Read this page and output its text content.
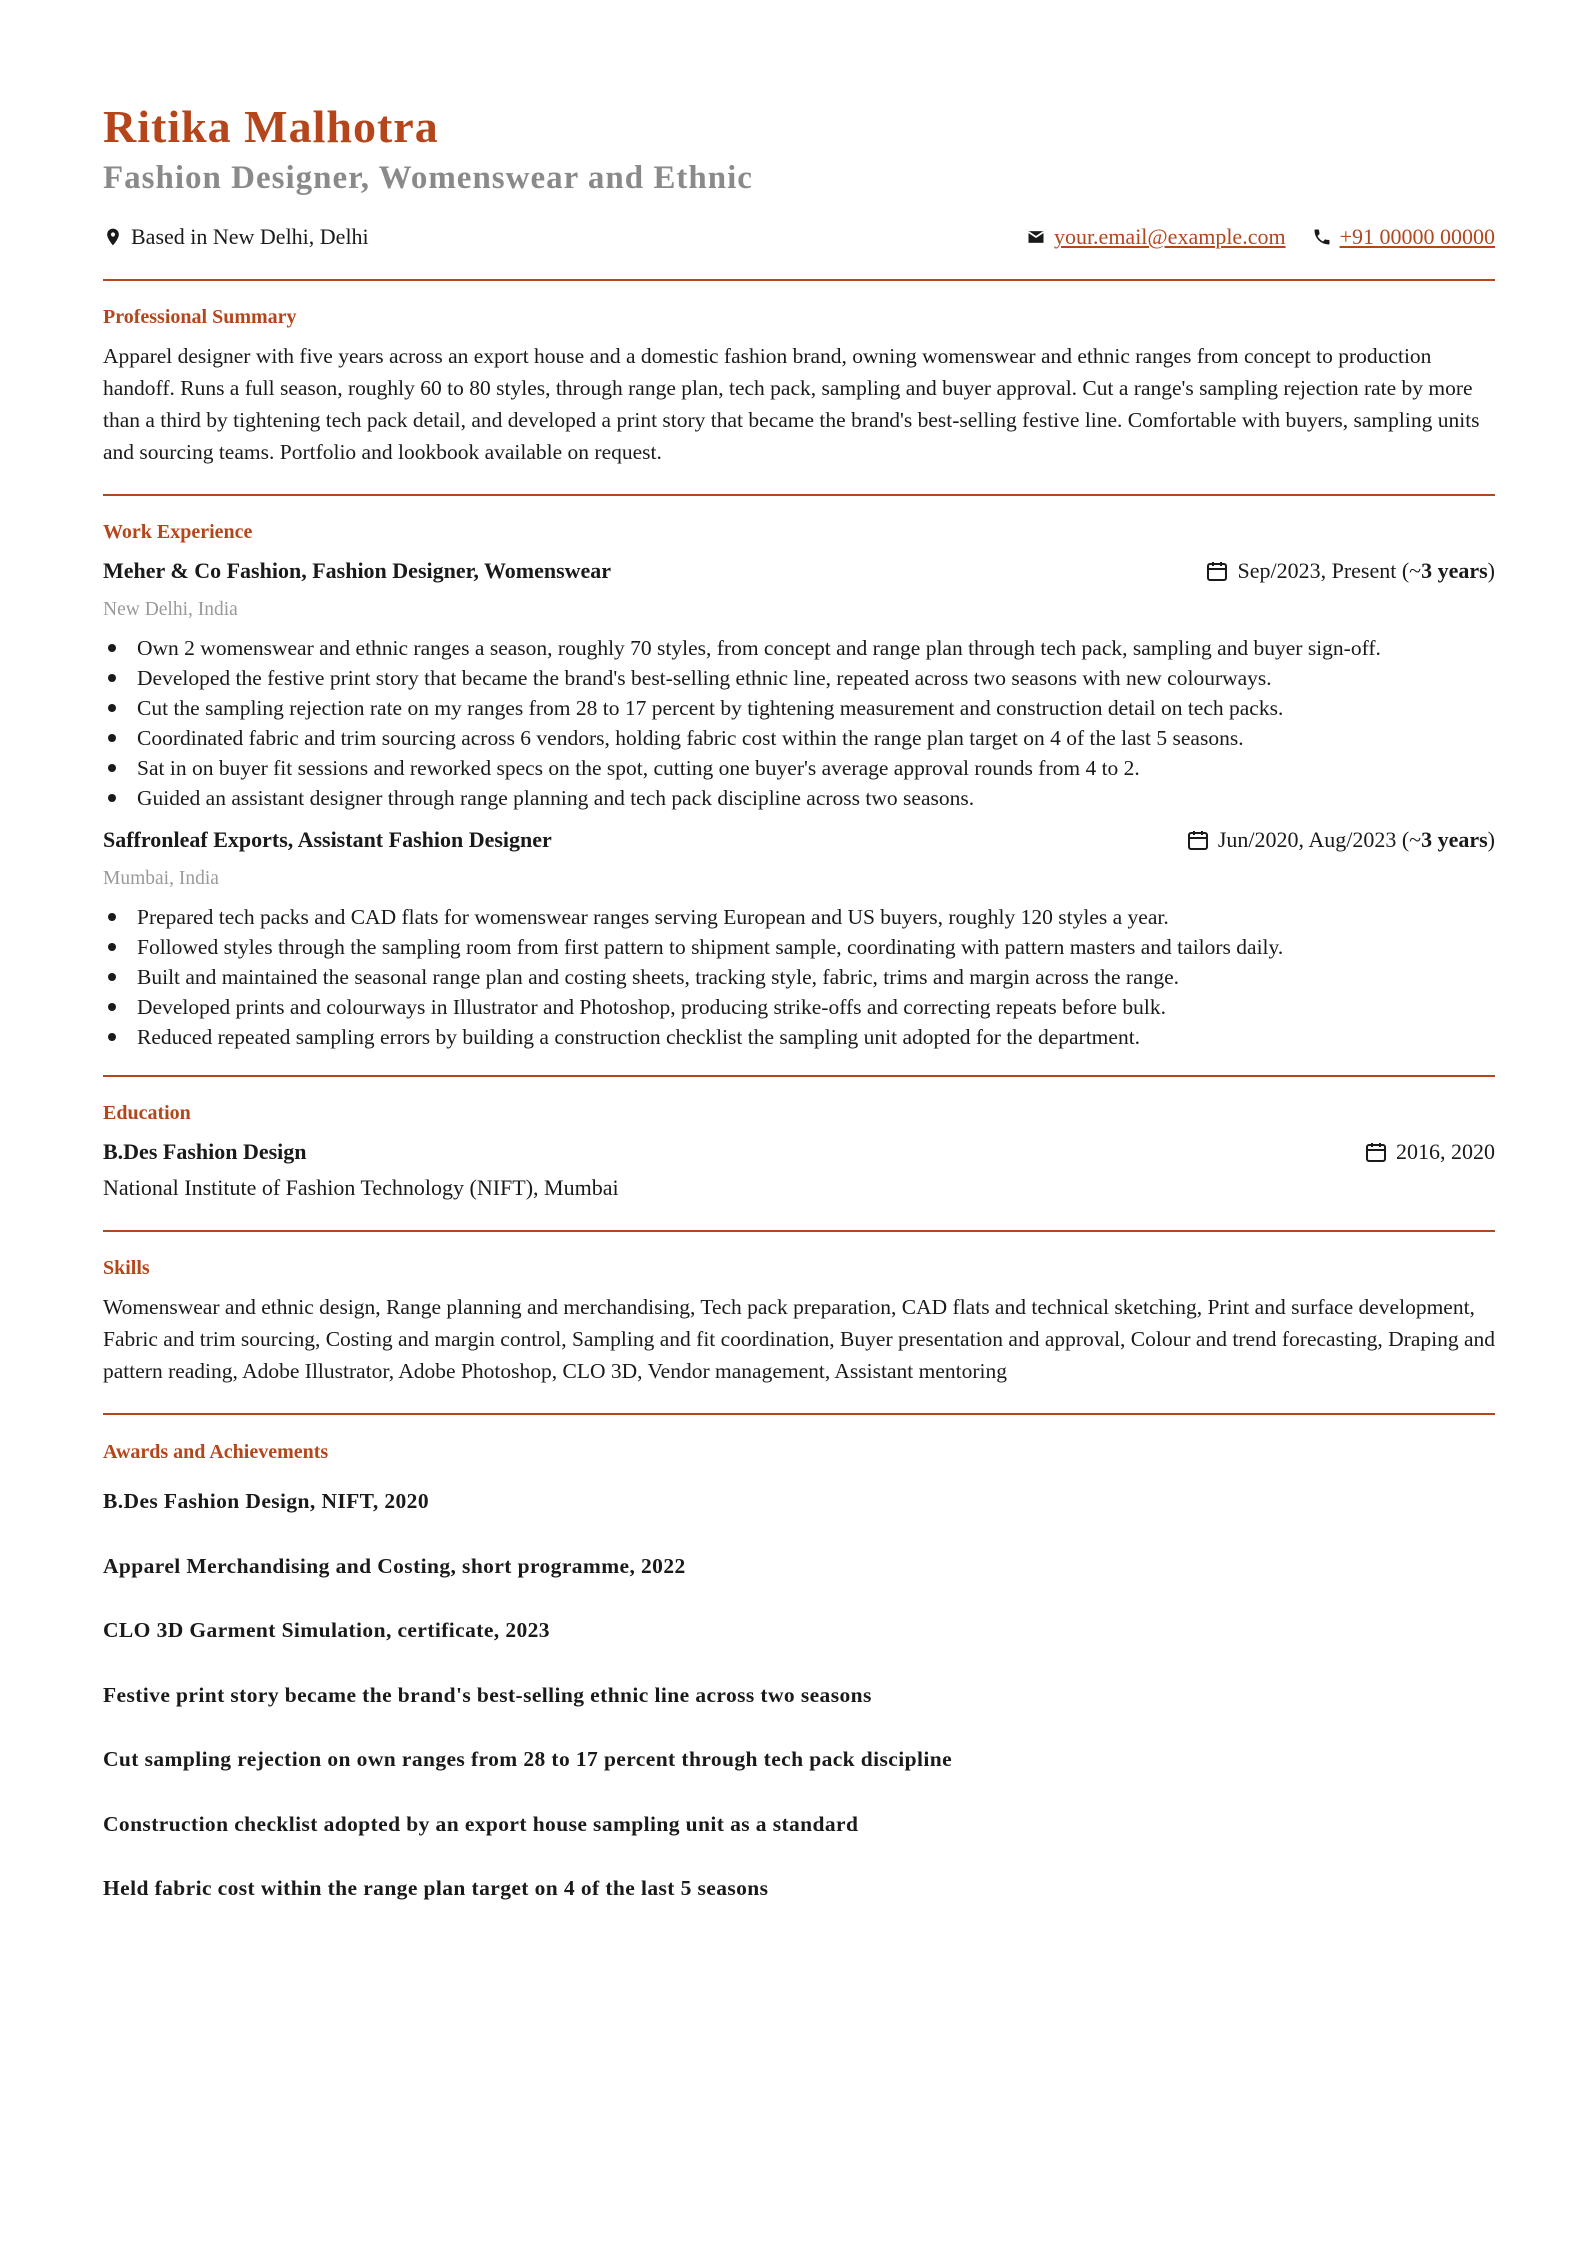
Ritika Malhotra
Fashion Designer, Womenswear and Ethnic
Based in New Delhi, Delhi	your.email@example.com +91 00000 00000
Professional Summary

Apparel designer with five years across an export house and a domestic fashion brand, owning womenswear and ethnic ranges from concept to production handoff. Runs a full season, roughly 60 to 80 styles, through range plan, tech pack, sampling and buyer approval. Cut a range's sampling rejection rate by more than a third by tightening tech pack detail, and developed a print story that became the brand's best-selling festive line. Comfortable with buyers, sampling units and sourcing teams. Portfolio and lookbook available on request.

Work Experience
Meher & Co Fashion, Fashion Designer, Womenswear	Sep/2023, Present (~ 3 years )
New Delhi, India
Own 2 womenswear and ethnic ranges a season, roughly 70 styles, from concept and range plan through tech pack, sampling and buyer sign-off.
Developed the festive print story that became the brand's best-selling ethnic line, repeated across two seasons with new colourways.
Cut the sampling rejection rate on my ranges from 28 to 17 percent by tightening measurement and construction detail on tech packs.
Coordinated fabric and trim sourcing across 6 vendors, holding fabric cost within the range plan target on 4 of the last 5 seasons.
Sat in on buyer fit sessions and reworked specs on the spot, cutting one buyer's average approval rounds from 4 to 2.
Guided an assistant designer through range planning and tech pack discipline across two seasons.
Saffronleaf Exports, Assistant Fashion Designer	Jun/2020, Aug/2023 (~ 3 years )
Mumbai, India
Prepared tech packs and CAD flats for womenswear ranges serving European and US buyers, roughly 120 styles a year.
Followed styles through the sampling room from first pattern to shipment sample, coordinating with pattern masters and tailors daily.
Built and maintained the seasonal range plan and costing sheets, tracking style, fabric, trims and margin across the range.
Developed prints and colourways in Illustrator and Photoshop, producing strike-offs and correcting repeats before bulk.
Reduced repeated sampling errors by building a construction checklist the sampling unit adopted for the department.
Education
B.Des Fashion Design	2016, 2020
National Institute of Fashion Technology (NIFT), Mumbai
Skills

Womenswear and ethnic design, Range planning and merchandising, Tech pack preparation, CAD flats and technical sketching, Print and surface development, Fabric and trim sourcing, Costing and margin control, Sampling and fit coordination, Buyer presentation and approval, Colour and trend forecasting, Draping and pattern reading, Adobe Illustrator, Adobe Photoshop, CLO 3D, Vendor management, Assistant mentoring

Awards and Achievements
B.Des Fashion Design, NIFT, 2020
Apparel Merchandising and Costing, short programme, 2022
CLO 3D Garment Simulation, certificate, 2023
Festive print story became the brand's best-selling ethnic line across two seasons
Cut sampling rejection on own ranges from 28 to 17 percent through tech pack discipline
Construction checklist adopted by an export house sampling unit as a standard
Held fabric cost within the range plan target on 4 of the last 5 seasons
